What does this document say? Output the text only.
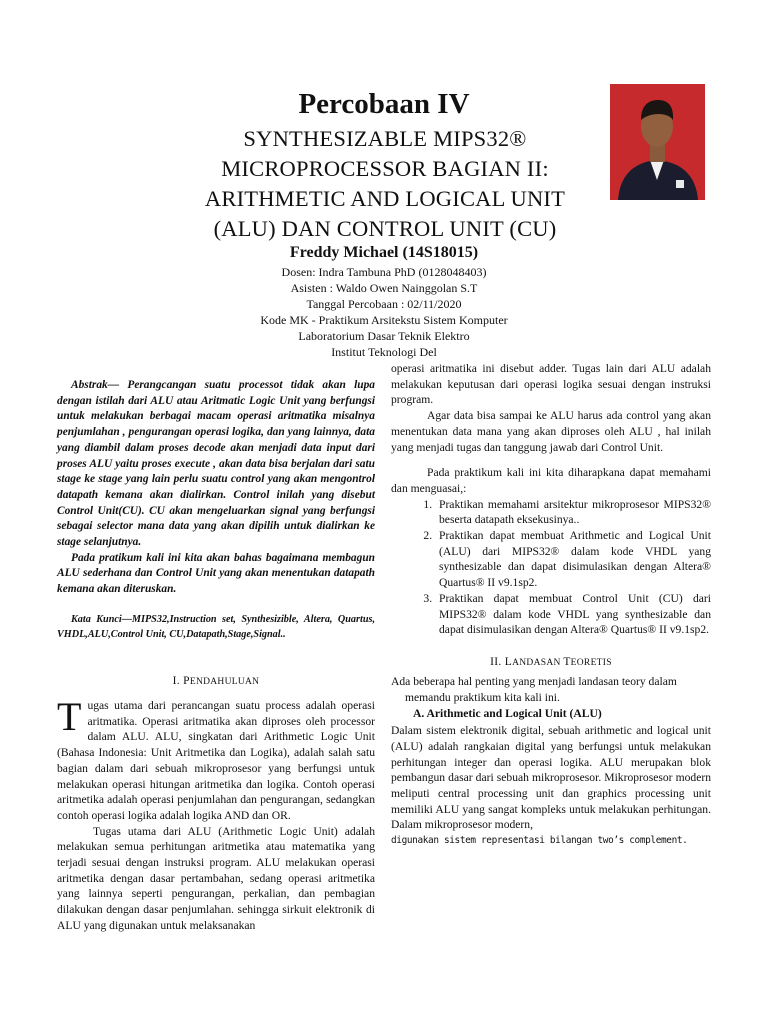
Percobaan IV
SYNTHESIZABLE MIPS32®
MICROPROCESSOR BAGIAN II:
ARITHMETIC AND LOGICAL UNIT
(ALU) DAN CONTROL UNIT (CU)
Freddy Michael (14S18015)
Dosen: Indra Tambuna PhD (0128048403)
Asisten : Waldo Owen Nainggolan S.T
Tanggal Percobaan : 02/11/2020
Kode MK - Praktikum Arsitekstu Sistem Komputer
Laboratorium Dasar Teknik Elektro
Institut Teknologi Del

Abstrak— Perangcangan suatu processot tidak akan lupa dengan istilah dari ALU atau Aritmatic Logic Unit yang berfungsi untuk melakukan berbagai macam operasi aritmatika misalnya penjumlahan , pengurangan operasi logika, dan yang lainnya, data yang diambil dalam proses decode akan menjadi data input dari proses ALU yaitu proses execute , akan data bisa berjalan dari satu stage ke stage yang lain perlu suatu control yang akan mengontrol datapath kemana akan dialirkan. Control inilah yang disebut Control Unit(CU). CU akan mengeluarkan signal yang berfungsi sebagai selector mana data yang akan dipilih untuk dialirkan ke stage selanjutnya.

Pada pratikum kali ini kita akan bahas bagaimana membagun ALU sederhana dan Control Unit yang akan menentukan datapath kemana akan diteruskan.

Kata Kunci—MIPS32,Instruction set, Synthesizible, Altera, Quartus, VHDL,ALU,Control Unit, CU,Datapath,Stage,Signal..

I. PENDAHULUAN

Tugas utama dari perancangan suatu process adalah operasi aritmatika. Operasi aritmatika akan diproses oleh processor dalam ALU. ALU, singkatan dari Arithmetic Logic Unit (Bahasa Indonesia: Unit Aritmetika dan Logika), adalah salah satu bagian dalam dari sebuah mikroprosesor yang berfungsi untuk melakukan operasi hitungan aritmetika dan logika. Contoh operasi aritmetika adalah operasi penjumlahan dan pengurangan, sedangkan contoh operasi logika adalah logika AND dan OR.

Tugas utama dari ALU (Arithmetic Logic Unit) adalah melakukan semua perhitungan aritmetika atau matematika yang terjadi sesuai dengan instruksi program. ALU melakukan operasi aritmetika dengan dasar pertambahan, sedang operasi aritmetika yang lainnya seperti pengurangan, perkalian, dan pembagian dilakukan dengan dasar penjumlahan. sehingga sirkuit elektronik di ALU yang digunakan untuk melaksanakan

operasi aritmatika ini disebut adder. Tugas lain dari ALU adalah melakukan keputusan dari operasi logika sesuai dengan instruksi program.

Agar data bisa sampai ke ALU harus ada control yang akan menentukan data mana yang akan diproses oleh ALU , hal inilah yang menjadi tugas dan tanggung jawab dari Control Unit.

Pada praktikum kali ini kita diharapkana dapat memahami dan menguasai,:

1. Praktikan memahami arsitektur mikroprosesor MIPS32® beserta datapath eksekusinya..
2. Praktikan dapat membuat Arithmetic and Logical Unit (ALU) dari MIPS32® dalam kode VHDL yang synthesizable dan dapat disimulasikan dengan Altera® Quartus® II v9.1sp2.
3. Praktikan dapat membuat Control Unit (CU) dari MIPS32® dalam kode VHDL yang synthesizable dan dapat disimulasikan dengan Altera® Quartus® II v9.1sp2.
II. LANDASAN TEORETIS

Ada beberapa hal penting yang menjadi landasan teory dalam memandu praktikum kita kali ini.

A. Arithmetic and Logical Unit (ALU)

Dalam sistem elektronik digital, sebuah arithmetic and logical unit (ALU) adalah rangkaian digital yang berfungsi untuk melakukan perhitungan integer dan operasi logika. ALU merupakan blok pembangun dasar dari sebuah mikroprosesor. Mikroprosesor modern meliputi central processing unit dan graphics processing unit memiliki ALU yang sangat kompleks untuk melakukan perhitungan. Dalam mikroprosesor modern,

digunakan sistem representasi bilangan two’s complement.
